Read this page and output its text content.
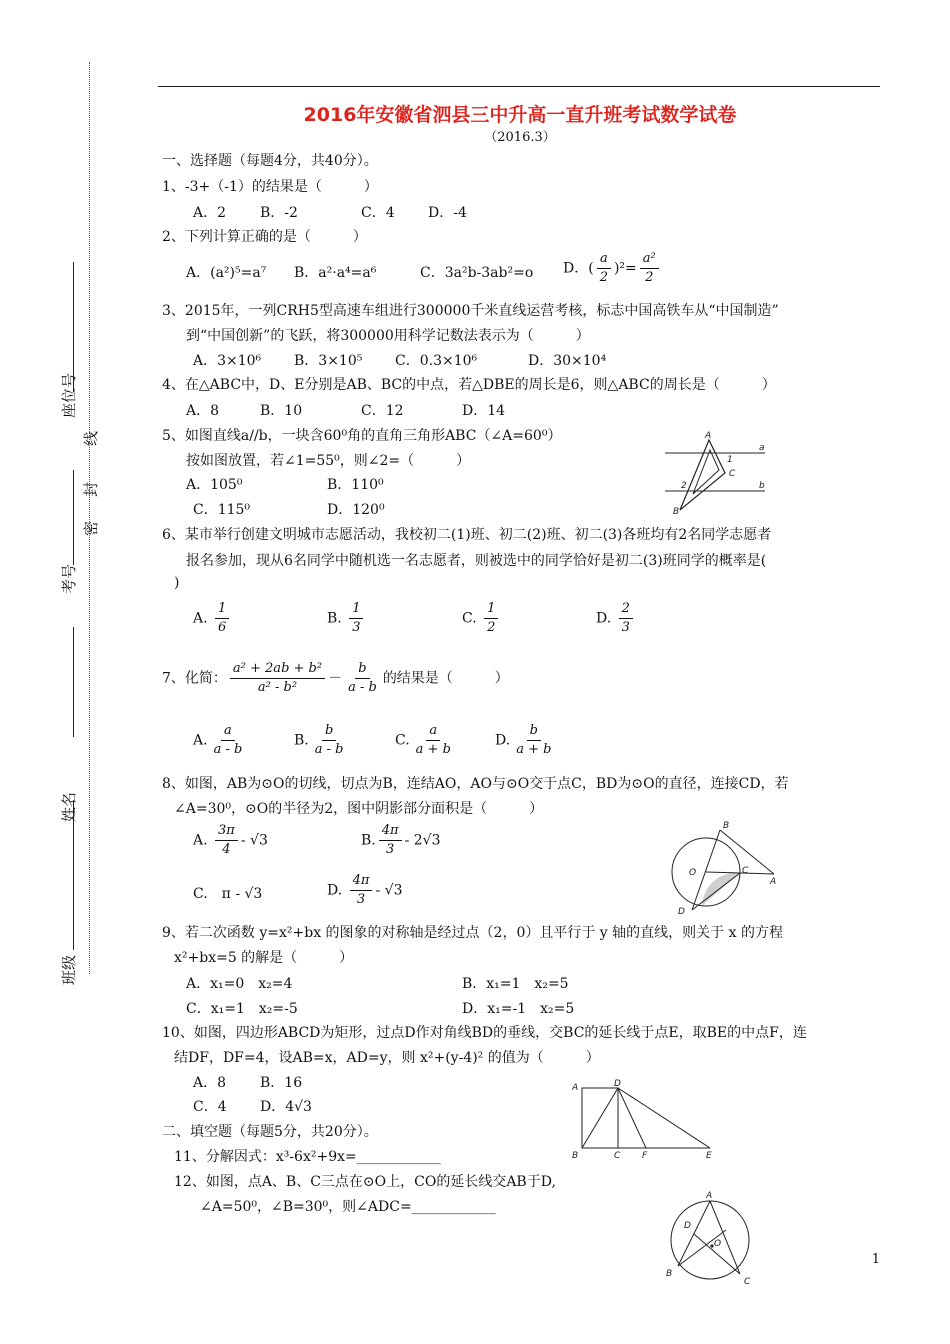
座位号
线
封
密
考号
姓名
班级
2016年安徽省泗县三中升高一直升班考试数学试卷
（2016.3）
一、选择题（每题4分，共40分）。
1、-3+（-1）的结果是（　　　）
A．2 B．-2	C．4 D．-4
2、下列计算正确的是（　　　）
A．(a²)⁵=a⁷ B．a²·a⁴=a⁶	C．3a²b-3ab²=o D．( $\frac{a}{2} )^2= \frac{\text{a²}}{2}$
3、2015年，一列CRH5型高速车组进行300000千米直线运营考核，标志中国高铁车从“中国制造”
到“中国创新”的飞跃，将300000用科学记数法表示为（　　　）
A．3×10⁶ B．3×10⁵ C．0.3×10⁶	D．30×10⁴
4、在△ABC中，D、E分别是AB、BC的中点，若△DBE的周长是6，则△ABC的周长是（　　　）
A．8	B．10	C．12	D．14
5、如图直线a//b，一块含60⁰角的直角三角形ABC（∠A=60⁰）
按如图放置，若∠1=55⁰，则∠2=（　　　）
A．105⁰	B．110⁰
C．115⁰	D．120⁰
A
B
C
a
b
1
2
6、某市举行创建文明城市志愿活动，我校初二(1)班、初二(2)班、初二(3)各班均有2名同学志愿者
报名参加，现从6名同学中随机选一名志愿者，则被选中的同学恰好是初二(3)班同学的概率是(
)
A. $\frac{1}{6}$	B. $\frac{1}{3}$	C. $\frac{1}{2}$	D. $\frac{2}{3}$
7、化简： $\frac{\text{a² + 2ab + b²}}{\text{a² - b²}} - \frac{b}{a - b}$ 的结果是（　　　）
A. $\frac{a}{a - b}$	B. $\frac{b}{a - b}$	C. $\frac{a}{a + b}$	D. $\frac{b}{a + b}$
8、如图，AB为⊙O的切线，切点为B，连结AO，AO与⊙O交于点C，BD为⊙O的直径，连接CD，若
∠A=30⁰，⊙O的半径为2，图中阴影部分面积是（　　　）
A. $\frac{3\pi}{4} - √3$	B. $\frac{4\pi}{3} - 2√3$
C.　π - √3	D. $\frac{4\pi}{3} - √3$
B
O	C
A
D
9、若二次函数 y=x²+bx 的图象的对称轴是经过点（2，0）且平行于 y 轴的直线，则关于 x 的方程
x²+bx=5 的解是（　　　）
A．x₁=0　x₂=4	B．x₁=1　x₂=5
C．x₁=1　x₂=-5	D．x₁=-1　x₂=5
10、如图，四边形ABCD为矩形，过点D作对角线BD的垂线，交BC的延长线于点E，取BE的中点F，连
结DF，DF=4，设AB=x，AD=y，则 x²+(y-4)² 的值为（　　　）
A．8 B．16
C．4 D．4√3
A	D
B	C F	E
二、填空题（每题5分，共20分）。
11、分解因式：x³-6x²+9x=____________
12、如图，点A、B、C三点在⊙O上，CO的延长线交AB于D,
∠A=50⁰，∠B=30⁰，则∠ADC=____________
A
D
O
B
C
1
